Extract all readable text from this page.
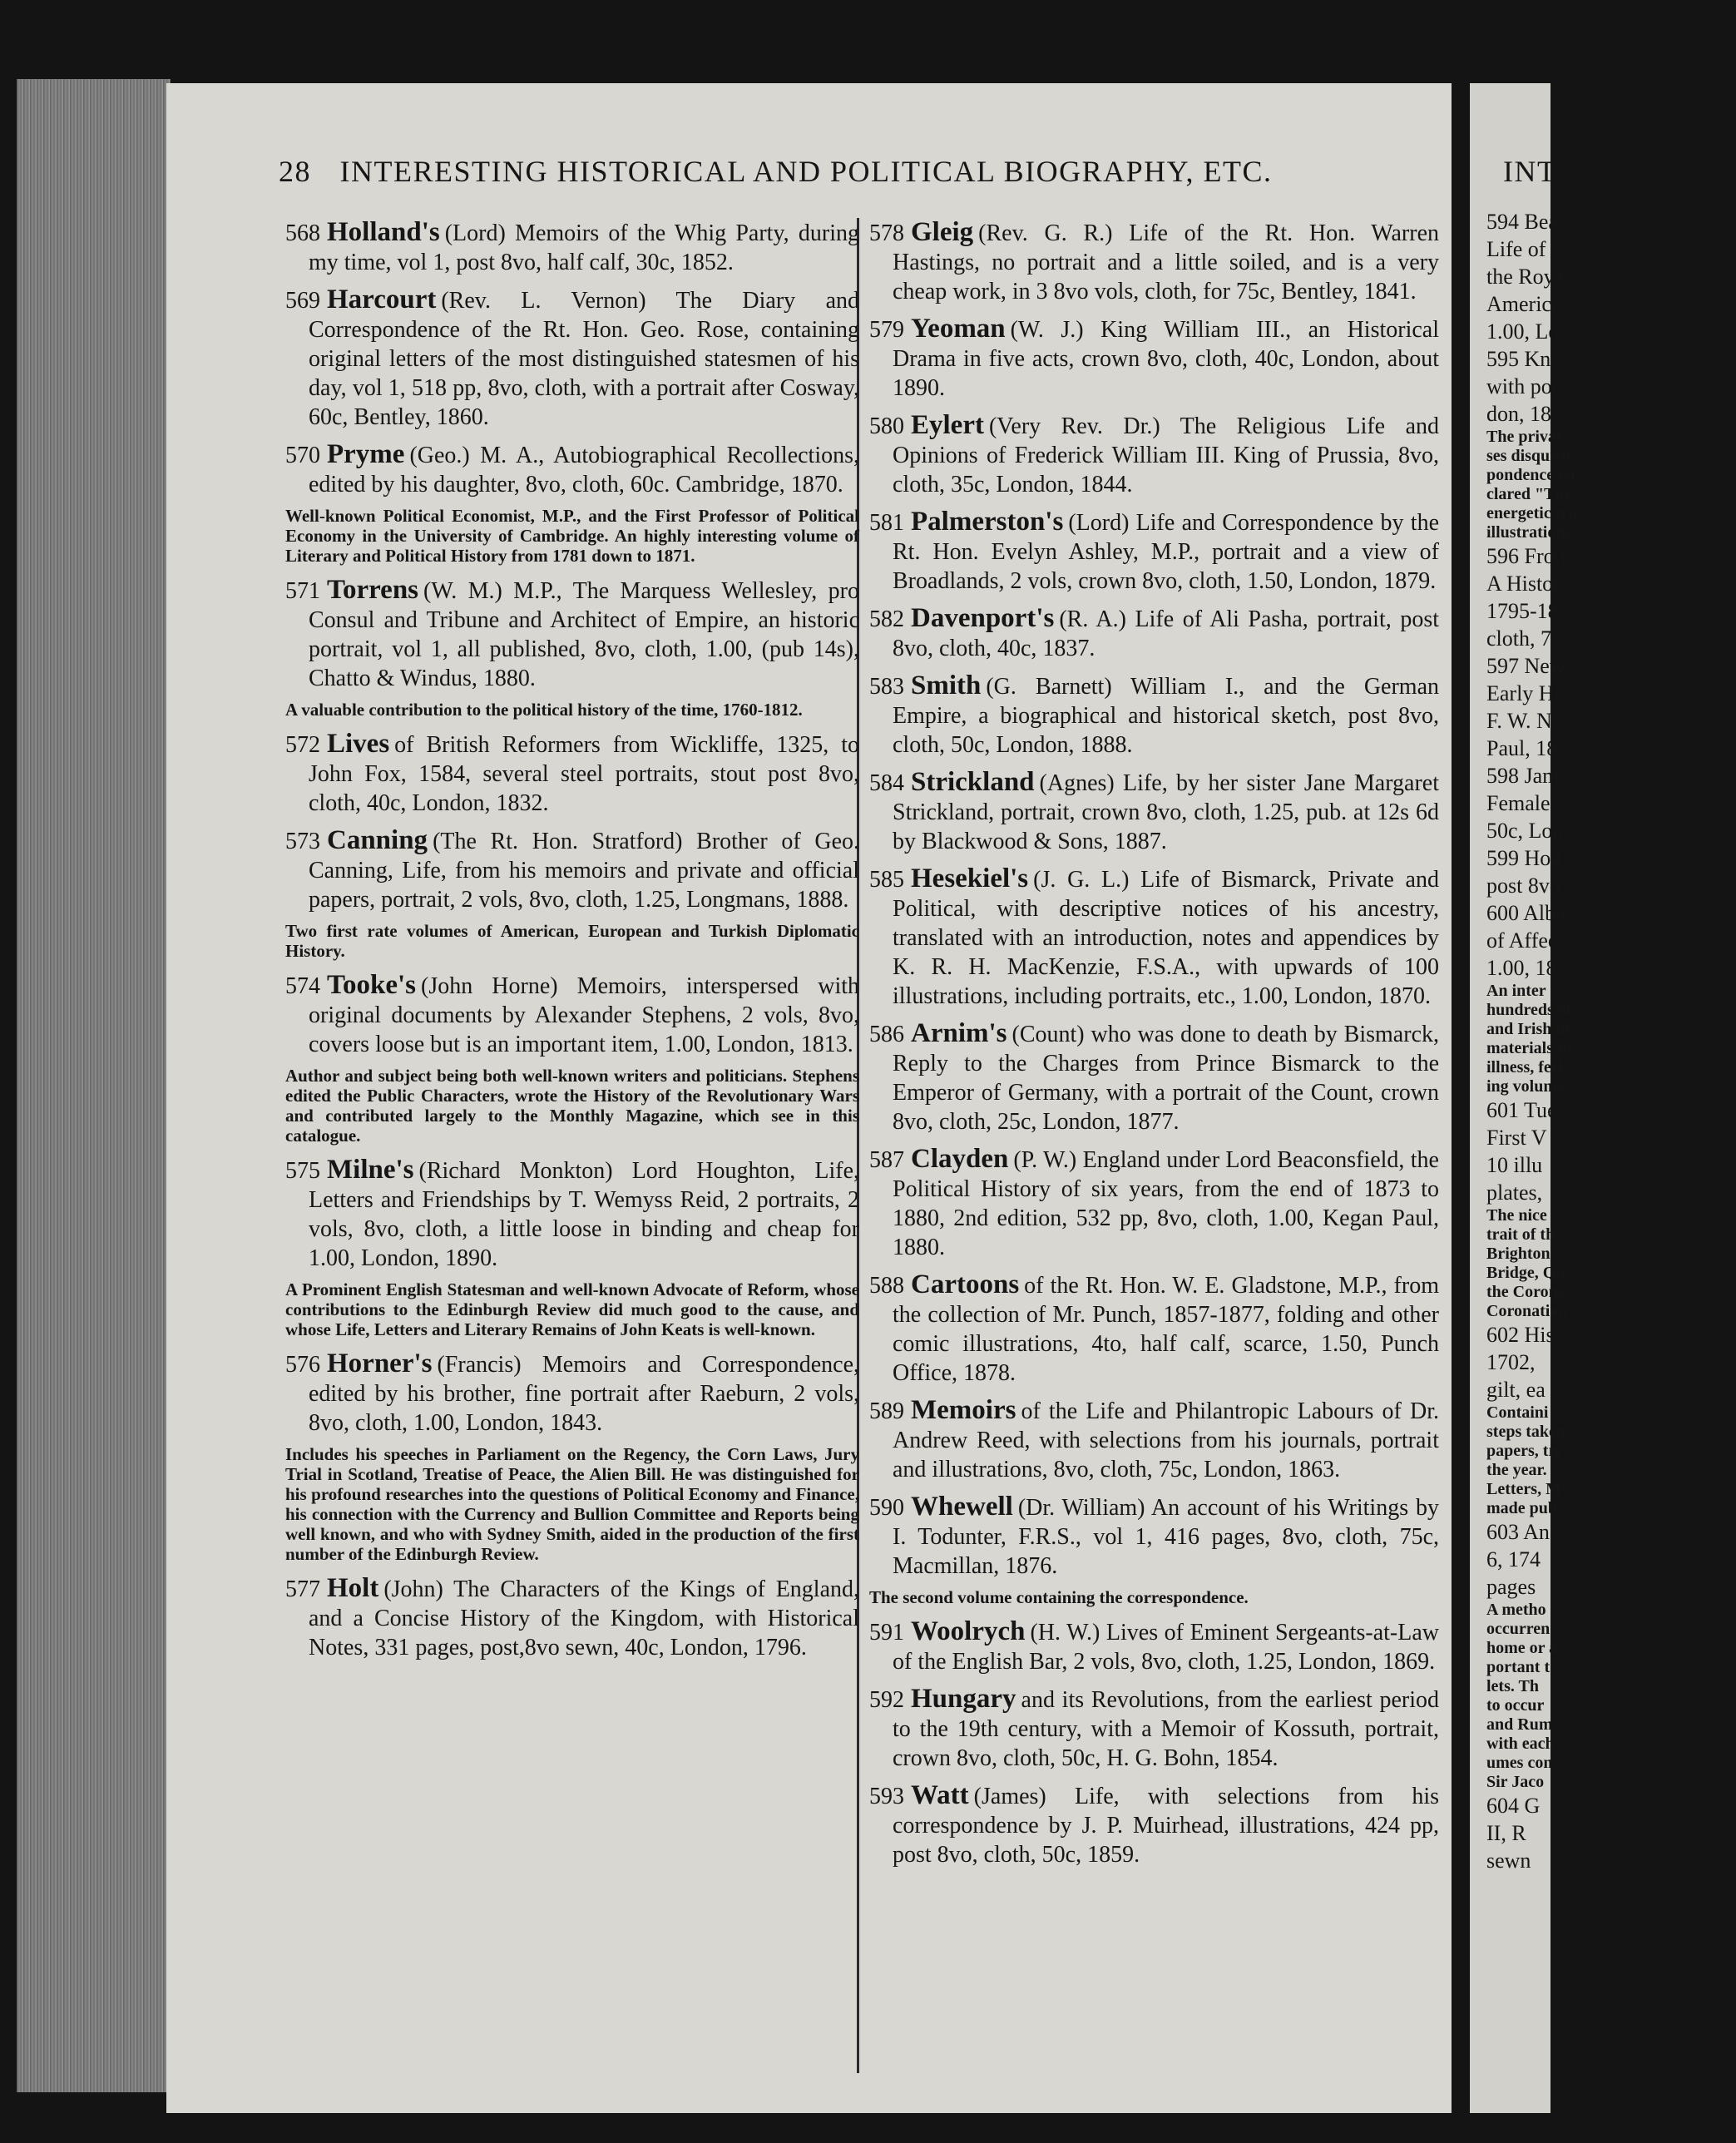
28 INTERESTING HISTORICAL AND POLITICAL BIOGRAPHY, ETC.
568 Holland's (Lord) Memoirs of the Whig Party, during my time, vol 1, post 8vo, half calf, 30c, 1852.
569 Harcourt (Rev. L. Vernon) The Diary and Correspondence of the Rt. Hon. Geo. Rose, containing original letters of the most distinguished statesmen of his day, vol 1, 518 pp, 8vo, cloth, with a portrait after Cosway, 60c, Bentley, 1860.
570 Pryme (Geo.) M. A., Autobiographical Recollections, edited by his daughter, 8vo, cloth, 60c. Cambridge, 1870.
Well-known Political Economist, M.P., and the First Professor of Political Economy in the University of Cambridge. An highly interesting volume of Literary and Political History from 1781 down to 1871.
571 Torrens (W. M.) M.P., The Marquess Wellesley, pro Consul and Tribune and Architect of Empire, an historic portrait, vol 1, all published, 8vo, cloth, 1.00, (pub 14s), Chatto & Windus, 1880.
A valuable contribution to the political history of the time, 1760-1812.
572 Lives of British Reformers from Wickliffe, 1325, to John Fox, 1584, several steel portraits, stout post 8vo, cloth, 40c, London, 1832.
573 Canning (The Rt. Hon. Stratford) Brother of Geo. Canning, Life, from his memoirs and private and official papers, portrait, 2 vols, 8vo, cloth, 1.25, Longmans, 1888.
Two first rate volumes of American, European and Turkish Diplomatic History.
574 Tooke's (John Horne) Memoirs, interspersed with original documents by Alexander Stephens, 2 vols, 8vo, covers loose but is an important item, 1.00, London, 1813.
Author and subject being both well-known writers and politicians. Stephens edited the Public Characters, wrote the History of the Revolutionary Wars and contributed largely to the Monthly Magazine, which see in this catalogue.
575 Milne's (Richard Monkton) Lord Houghton, Life, Letters and Friendships by T. Wemyss Reid, 2 portraits, 2 vols, 8vo, cloth, a little loose in binding and cheap for 1.00, London, 1890.
A Prominent English Statesman and well-known Advocate of Reform, whose contributions to the Edinburgh Review did much good to the cause, and whose Life, Letters and Literary Remains of John Keats is well-known.
576 Horner's (Francis) Memoirs and Correspondence, edited by his brother, fine portrait after Raeburn, 2 vols, 8vo, cloth, 1.00, London, 1843.
Includes his speeches in Parliament on the Regency, the Corn Laws, Jury Trial in Scotland, Treatise of Peace, the Alien Bill. He was distinguished for his profound researches into the questions of Political Economy and Finance, his connection with the Currency and Bullion Committee and Reports being well known, and who with Sydney Smith, aided in the production of the first number of the Edinburgh Review.
577 Holt (John) The Characters of the Kings of England, and a Concise History of the Kingdom, with Historical Notes, 331 pages, post,8vo sewn, 40c, London, 1796.
578 Gleig (Rev. G. R.) Life of the Rt. Hon. Warren Hastings, no portrait and a little soiled, and is a very cheap work, in 3 8vo vols, cloth, for 75c, Bentley, 1841.
579 Yeoman (W. J.) King William III., an Historical Drama in five acts, crown 8vo, cloth, 40c, London, about 1890.
580 Eylert (Very Rev. Dr.) The Religious Life and Opinions of Frederick William III. King of Prussia, 8vo, cloth, 35c, London, 1844.
581 Palmerston's (Lord) Life and Correspondence by the Rt. Hon. Evelyn Ashley, M.P., portrait and a view of Broadlands, 2 vols, crown 8vo, cloth, 1.50, London, 1879.
582 Davenport's (R. A.) Life of Ali Pasha, portrait, post 8vo, cloth, 40c, 1837.
583 Smith (G. Barnett) William I., and the German Empire, a biographical and historical sketch, post 8vo, cloth, 50c, London, 1888.
584 Strickland (Agnes) Life, by her sister Jane Margaret Strickland, portrait, crown 8vo, cloth, 1.25, pub. at 12s 6d by Blackwood & Sons, 1887.
585 Hesekiel's (J. G. L.) Life of Bismarck, Private and Political, with descriptive notices of his ancestry, translated with an introduction, notes and appendices by K. R. H. MacKenzie, F.S.A., with upwards of 100 illustrations, including portraits, etc., 1.00, London, 1870.
586 Arnim's (Count) who was done to death by Bismarck, Reply to the Charges from Prince Bismarck to the Emperor of Germany, with a portrait of the Count, crown 8vo, cloth, 25c, London, 1877.
587 Clayden (P. W.) England under Lord Beaconsfield, the Political History of six years, from the end of 1873 to 1880, 2nd edition, 532 pp, 8vo, cloth, 1.00, Kegan Paul, 1880.
588 Cartoons of the Rt. Hon. W. E. Gladstone, M.P., from the collection of Mr. Punch, 1857-1877, folding and other comic illustrations, 4to, half calf, scarce, 1.50, Punch Office, 1878.
589 Memoirs of the Life and Philantropic Labours of Dr. Andrew Reed, with selections from his journals, portrait and illustrations, 8vo, cloth, 75c, London, 1863.
590 Whewell (Dr. William) An account of his Writings by I. Todunter, F.R.S., vol 1, 416 pages, 8vo, cloth, 75c, Macmillan, 1876.
The second volume containing the correspondence.
591 Woolrych (H. W.) Lives of Eminent Sergeants-at-Law of the English Bar, 2 vols, 8vo, cloth, 1.25, London, 1869.
592 Hungary and its Revolutions, from the earliest period to the 19th century, with a Memoir of Kossuth, portrait, crown 8vo, cloth, 50c, H. G. Bohn, 1854.
593 Watt (James) Life, with selections from his correspondence by J. P. Muirhead, illustrations, 424 pp, post 8vo, cloth, 50c, 1859.
INT
594 Bea
Life of S
the Roya
America,
1.00, Lo
595 Kno
with por
don, 18
The privat
ses disquisit
pondence wi
clared "The
energetic tru
illustrations
596 Frou
A Histor
1795-18
cloth, 7
597 New
Early H
F. W. N
Paul, 18
598 Jam
Female
50c, Lon
599 Hod
post 8vo
600 Albe
of Affec
1.00, 18
An inter
hundreds of
and Irish ne
materials fo
illness, feel
ing volume
601 Tue
First V
10 illu
plates,
The nice
trait of th
Brighton,
Bridge, Qu
the Corona
Coronation
602 His
1702,
gilt, ea
Containi
steps taken
papers, tre
the year.
Letters, M
made pub
603 An
6, 174
pages
A metho
occurrenc
home or a
portant t
lets. Th
to occur
and Rum
with each
umes con
Sir Jaco
604 G
II, R
sewn
